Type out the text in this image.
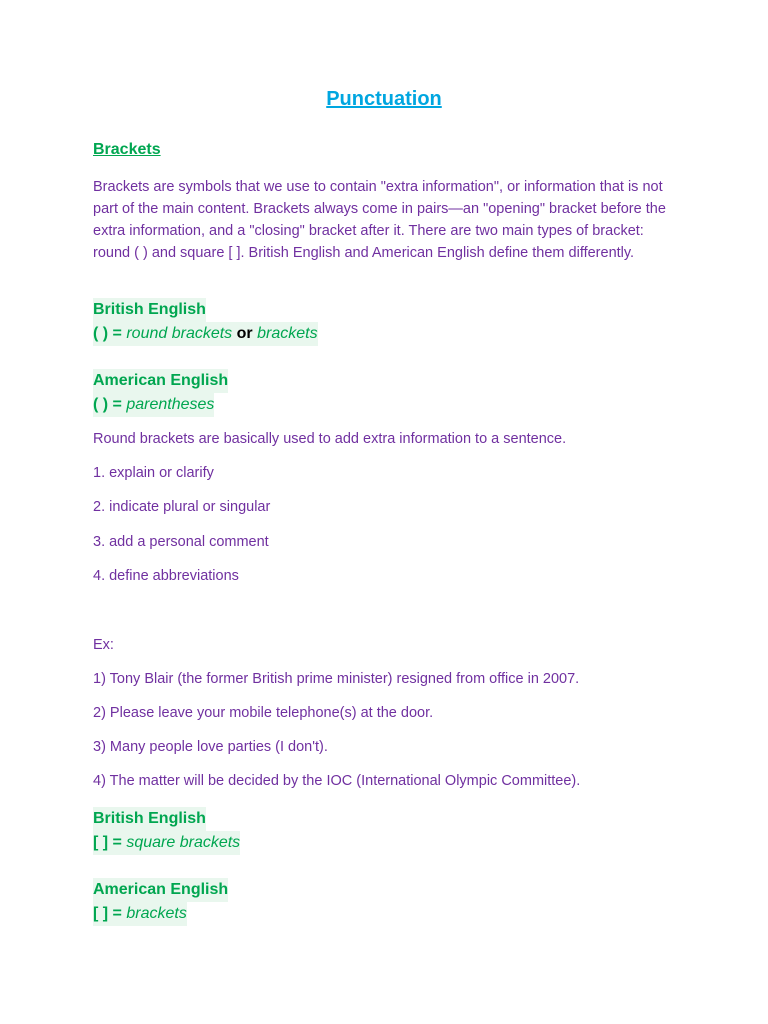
Punctuation
Brackets

Brackets are symbols that we use to contain "extra information", or information that is not part of the main content. Brackets always come in pairs—an "opening" bracket before the extra information, and a "closing" bracket after it. There are two main types of bracket: round ( ) and square [ ]. British English and American English define them differently.

British English
( ) = round brackets or brackets
American English
( ) = parentheses

Round brackets are basically used to add extra information to a sentence.

1. explain or clarify

2. indicate plural or singular

3. add a personal comment

4. define abbreviations

Ex:

1) Tony Blair (the former British prime minister) resigned from office in 2007.

2) Please leave your mobile telephone(s) at the door.

3) Many people love parties (I don't).

4) The matter will be decided by the IOC (International Olympic Committee).

British English
[ ] = square brackets
American English
[ ] = brackets
